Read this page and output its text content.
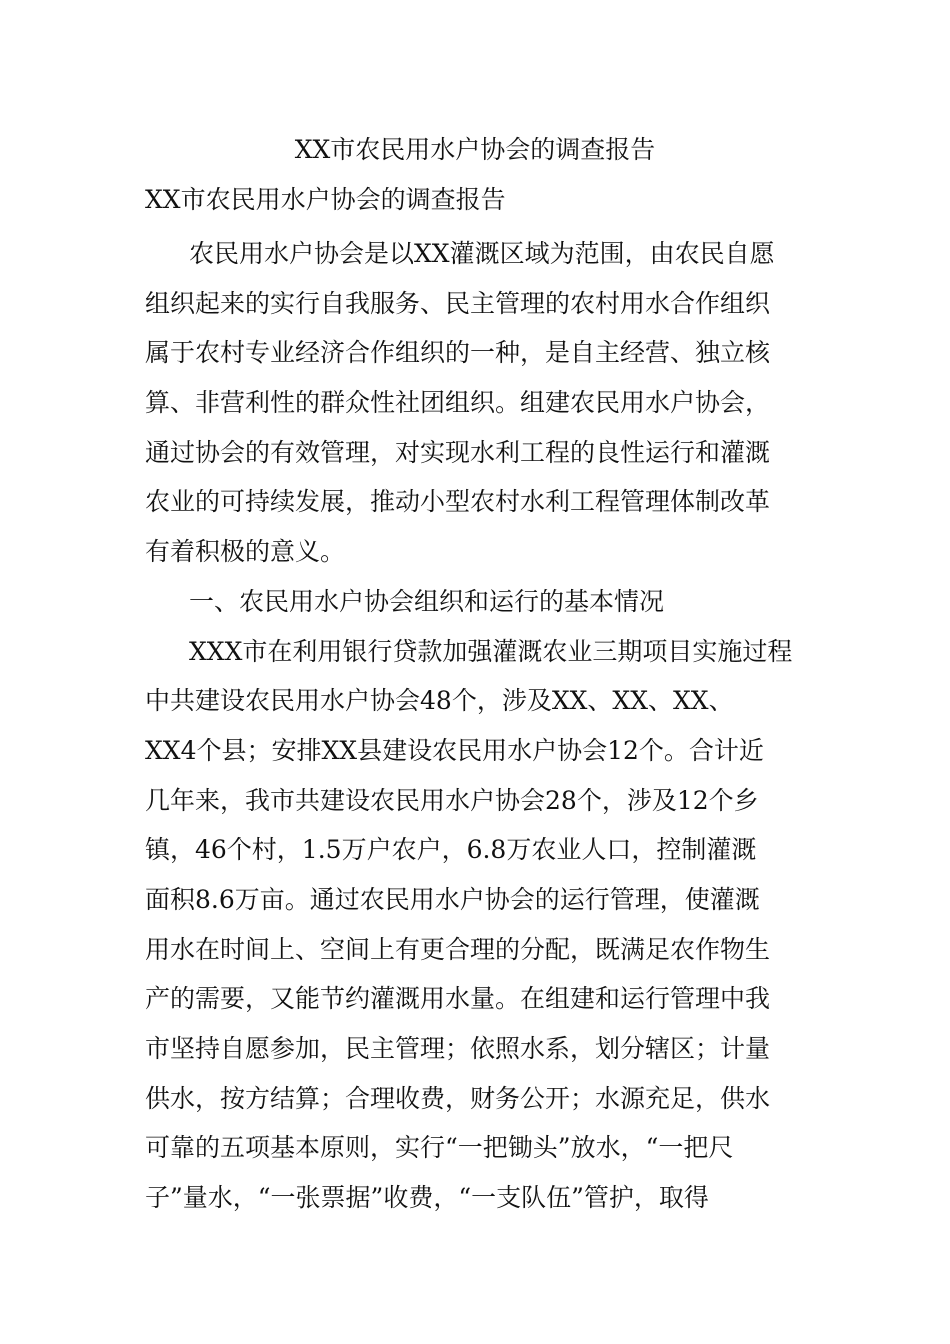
XX市农民用水户协会的调查报告
XX市农民用水户协会的调查报告

农民用水户协会是以XX灌溉区域为范围，由农民自愿
组织起来的实行自我服务、民主管理的农村用水合作组织
属于农村专业经济合作组织的一种，是自主经营、独立核
算、非营利性的群众性社团组织。组建农民用水户协会，
通过协会的有效管理，对实现水利工程的良性运行和灌溉
农业的可持续发展，推动小型农村水利工程管理体制改革
有着积极的意义。

一、农民用水户协会组织和运行的基本情况

XXX市在利用银行贷款加强灌溉农业三期项目实施过程
中共建设农民用水户协会48个，涉及XX、XX、XX、
XX4个县；安排XX县建设农民用水户协会12个。合计近
几年来，我市共建设农民用水户协会28个，涉及12个乡
镇，46个村，1.5万户农户，6.8万农业人口，控制灌溉
面积8.6万亩。通过农民用水户协会的运行管理，使灌溉
用水在时间上、空间上有更合理的分配，既满足农作物生
产的需要，又能节约灌溉用水量。在组建和运行管理中我
市坚持自愿参加，民主管理；依照水系，划分辖区；计量
供水，按方结算；合理收费，财务公开；水源充足，供水
可靠的五项基本原则，实行“一把锄头”放水，“一把尺
子”量水，“一张票据”收费，“一支队伍”管护，取得
